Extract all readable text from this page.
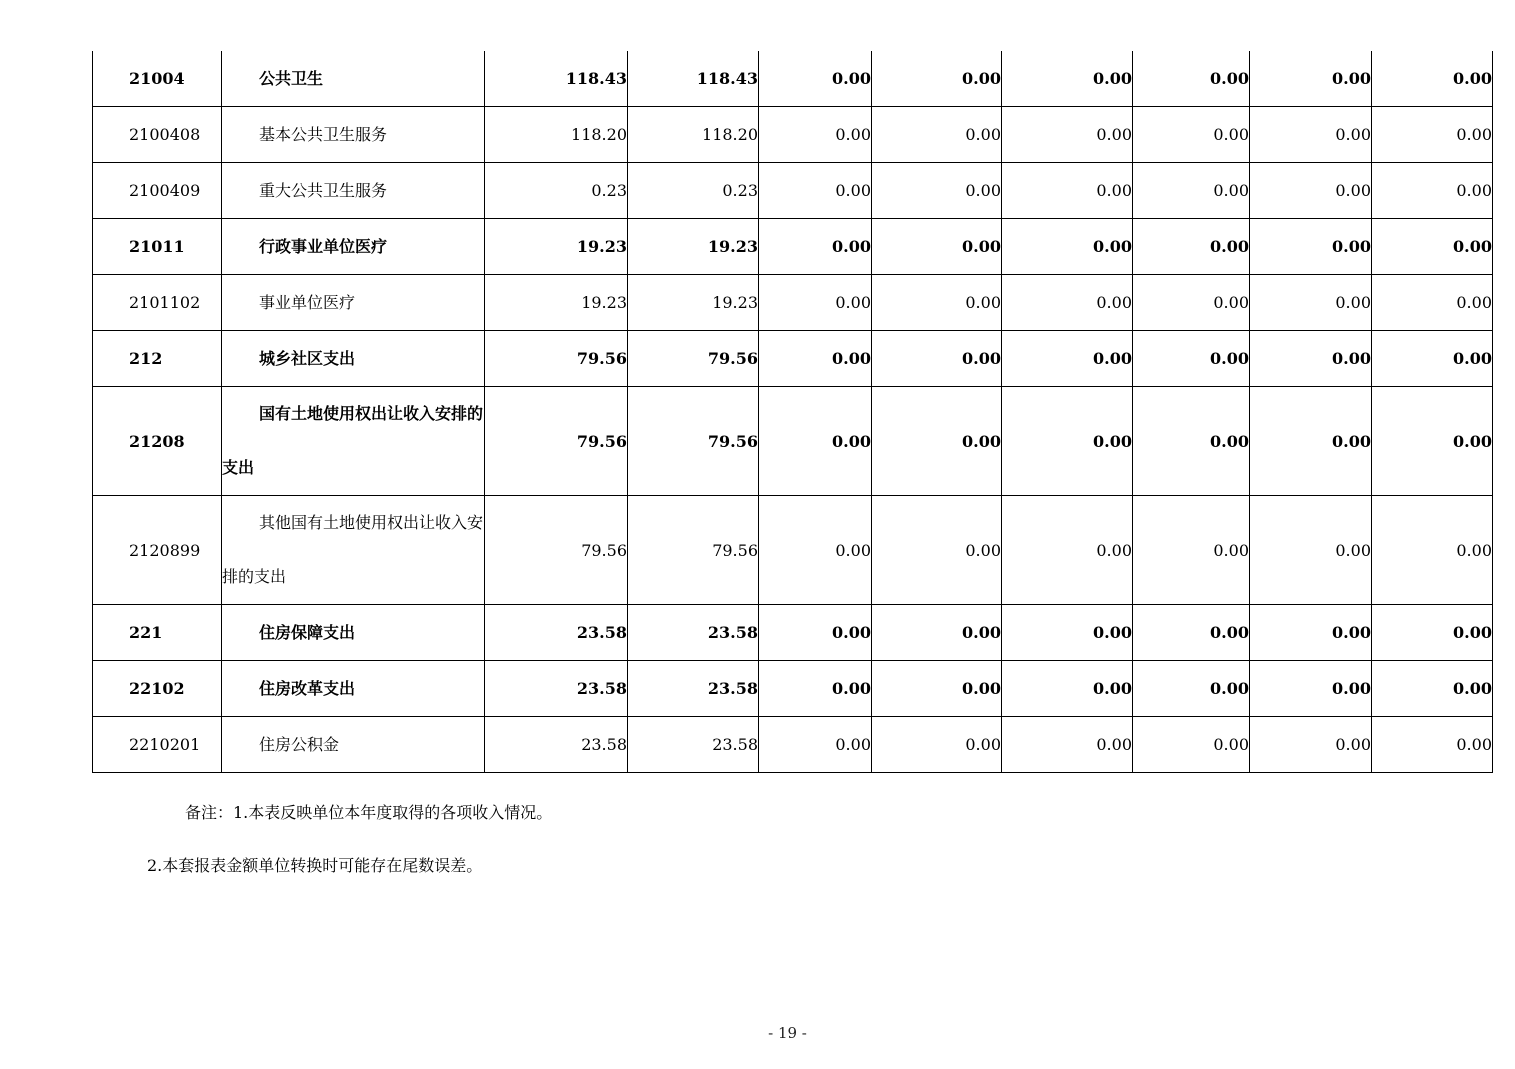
21004	公共卫生	118.43	118.43	0.00	0.00	0.00	0.00	0.00	0.00
2100408	基本公共卫生服务	118.20	118.20	0.00	0.00	0.00	0.00	0.00	0.00
2100409	重大公共卫生服务	0.23	0.23	0.00	0.00	0.00	0.00	0.00	0.00
21011	行政事业单位医疗	19.23	19.23	0.00	0.00	0.00	0.00	0.00	0.00
2101102	事业单位医疗	19.23	19.23	0.00	0.00	0.00	0.00	0.00	0.00
212	城乡社区支出	79.56	79.56	0.00	0.00	0.00	0.00	0.00	0.00
21208	国有土地使用权出让收入安排的支出	79.56	79.56	0.00	0.00	0.00	0.00	0.00	0.00
2120899	其他国有土地使用权出让收入安排的支出	79.56	79.56	0.00	0.00	0.00	0.00	0.00	0.00
221	住房保障支出	23.58	23.58	0.00	0.00	0.00	0.00	0.00	0.00
22102	住房改革支出	23.58	23.58	0.00	0.00	0.00	0.00	0.00	0.00
2210201	住房公积金	23.58	23.58	0.00	0.00	0.00	0.00	0.00	0.00
备注：1.本表反映单位本年度取得的各项收入情况。
2.本套报表金额单位转换时可能存在尾数误差。
- 19 -
